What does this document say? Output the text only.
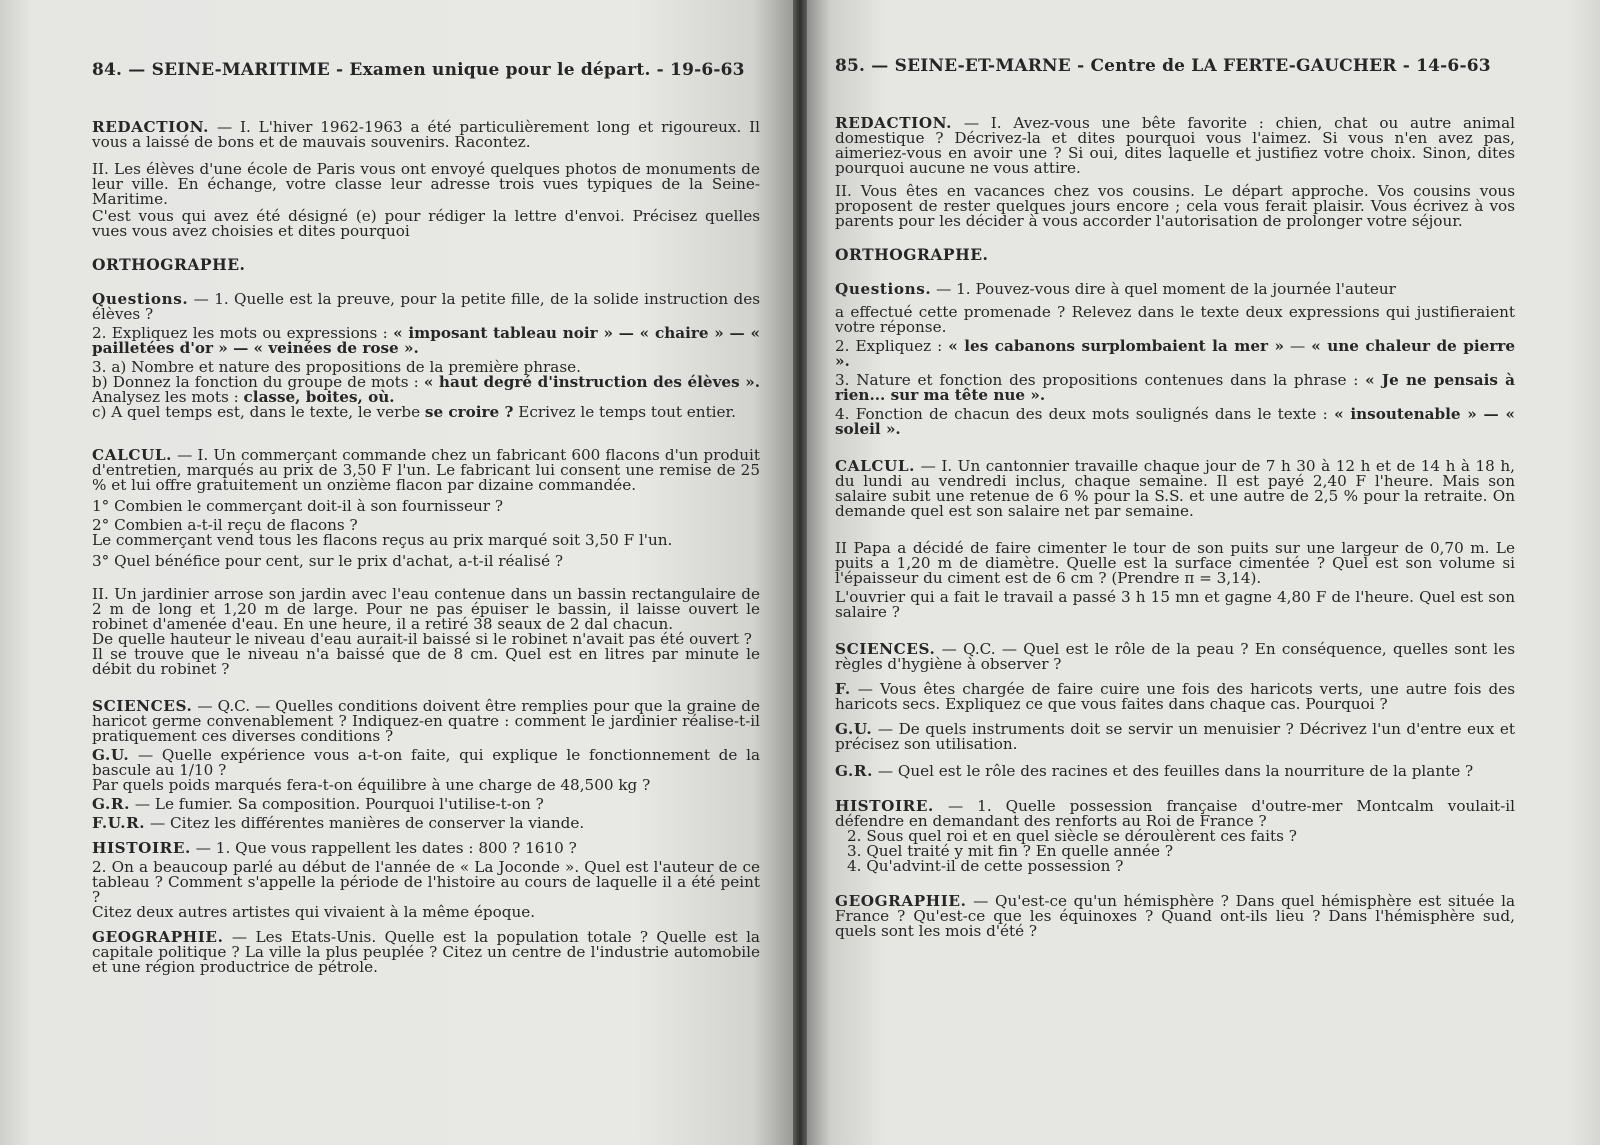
84. — SEINE-MARITIME - Examen unique pour le départ. - 19-6-63

REDACTION. — I. L'hiver 1962-1963 a été particulièrement long et rigoureux. Il vous a laissé de bons et de mauvais souvenirs. Racontez.

II. Les élèves d'une école de Paris vous ont envoyé quelques photos de monuments de leur ville. En échange, votre classe leur adresse trois vues typiques de la Seine-Maritime.

C'est vous qui avez été désigné (e) pour rédiger la lettre d'envoi. Précisez quelles vues vous avez choisies et dites pourquoi

ORTHOGRAPHE.

Questions. — 1. Quelle est la preuve, pour la petite fille, de la solide instruction des élèves ?

2. Expliquez les mots ou expressions : « imposant tableau noir » — « chaire » — « pailletées d'or » — « veinées de rose ».

3. a) Nombre et nature des propositions de la première phrase.

b) Donnez la fonction du groupe de mots : « haut degré d'instruction des élèves ». Analysez les mots : classe, boites, où.

c) A quel temps est, dans le texte, le verbe se croire ? Ecrivez le temps tout entier.

CALCUL. — I. Un commerçant commande chez un fabricant 600 flacons d'un produit d'entretien, marqués au prix de 3,50 F l'un. Le fabricant lui consent une remise de 25 % et lui offre gratuitement un onzième flacon par dizaine commandée.

1° Combien le commerçant doit-il à son fournisseur ?

2° Combien a-t-il reçu de flacons ?

Le commerçant vend tous les flacons reçus au prix marqué soit 3,50 F l'un.

3° Quel bénéfice pour cent, sur le prix d'achat, a-t-il réalisé ?

II. Un jardinier arrose son jardin avec l'eau contenue dans un bassin rectangulaire de 2 m de long et 1,20 m de large. Pour ne pas épuiser le bassin, il laisse ouvert le robinet d'amenée d'eau. En une heure, il a retiré 38 seaux de 2 dal chacun.

De quelle hauteur le niveau d'eau aurait-il baissé si le robinet n'avait pas été ouvert ?

Il se trouve que le niveau n'a baissé que de 8 cm. Quel est en litres par minute le débit du robinet ?

SCIENCES. — Q.C. — Quelles conditions doivent être remplies pour que la graine de haricot germe convenablement ? Indiquez-en quatre : comment le jardinier réalise-t-il pratiquement ces diverses conditions ?

G.U. — Quelle expérience vous a-t-on faite, qui explique le fonctionnement de la bascule au 1/10 ?

Par quels poids marqués fera-t-on équilibre à une charge de 48,500 kg ?

G.R. — Le fumier. Sa composition. Pourquoi l'utilise-t-on ?

F.U.R. — Citez les différentes manières de conserver la viande.

HISTOIRE. — 1. Que vous rappellent les dates : 800 ? 1610 ?

2. On a beaucoup parlé au début de l'année de « La Joconde ». Quel est l'auteur de ce tableau ? Comment s'appelle la période de l'histoire au cours de laquelle il a été peint ?

Citez deux autres artistes qui vivaient à la même époque.

GEOGRAPHIE. — Les Etats-Unis. Quelle est la population totale ? Quelle est la capitale politique ? La ville la plus peuplée ? Citez un centre de l'industrie automobile et une région productrice de pétrole.

85. — SEINE-ET-MARNE - Centre de LA FERTE-GAUCHER - 14-6-63

REDACTION. — I. Avez-vous une bête favorite : chien, chat ou autre animal domestique ? Décrivez-la et dites pourquoi vous l'aimez. Si vous n'en avez pas, aimeriez-vous en avoir une ? Si oui, dites laquelle et justifiez votre choix. Sinon, dites pourquoi aucune ne vous attire.

II. Vous êtes en vacances chez vos cousins. Le départ approche. Vos cousins vous proposent de rester quelques jours encore ; cela vous ferait plaisir. Vous écrivez à vos parents pour les décider à vous accorder l'autorisation de prolonger votre séjour.

ORTHOGRAPHE.

Questions. — 1. Pouvez-vous dire à quel moment de la journée l'auteur

a effectué cette promenade ? Relevez dans le texte deux expressions qui justifieraient votre réponse.

2. Expliquez : « les cabanons surplombaient la mer » — « une chaleur de pierre ».

3. Nature et fonction des propositions contenues dans la phrase : « Je ne pensais à rien... sur ma tête nue ».

4. Fonction de chacun des deux mots soulignés dans le texte : « insoutenable » — « soleil ».

CALCUL. — I. Un cantonnier travaille chaque jour de 7 h 30 à 12 h et de 14 h à 18 h, du lundi au vendredi inclus, chaque semaine. Il est payé 2,40 F l'heure. Mais son salaire subit une retenue de 6 % pour la S.S. et une autre de 2,5 % pour la retraite. On demande quel est son salaire net par semaine.

II Papa a décidé de faire cimenter le tour de son puits sur une largeur de 0,70 m. Le puits a 1,20 m de diamètre. Quelle est la surface cimentée ? Quel est son volume si l'épaisseur du ciment est de 6 cm ? (Prendre π = 3,14).

L'ouvrier qui a fait le travail a passé 3 h 15 mn et gagne 4,80 F de l'heure. Quel est son salaire ?

SCIENCES. — Q.C. — Quel est le rôle de la peau ? En conséquence, quelles sont les règles d'hygiène à observer ?

F. — Vous êtes chargée de faire cuire une fois des haricots verts, une autre fois des haricots secs. Expliquez ce que vous faites dans chaque cas. Pourquoi ?

G.U. — De quels instruments doit se servir un menuisier ? Décrivez l'un d'entre eux et précisez son utilisation.

G.R. — Quel est le rôle des racines et des feuilles dans la nourriture de la plante ?

HISTOIRE. — 1. Quelle possession française d'outre-mer Montcalm voulait-il défendre en demandant des renforts au Roi de France ?

2. Sous quel roi et en quel siècle se déroulèrent ces faits ?

3. Quel traité y mit fin ? En quelle année ?

4. Qu'advint-il de cette possession ?

GEOGRAPHIE. — Qu'est-ce qu'un hémisphère ? Dans quel hémisphère est située la France ? Qu'est-ce que les équinoxes ? Quand ont-ils lieu ? Dans l'hémisphère sud, quels sont les mois d'été ?
